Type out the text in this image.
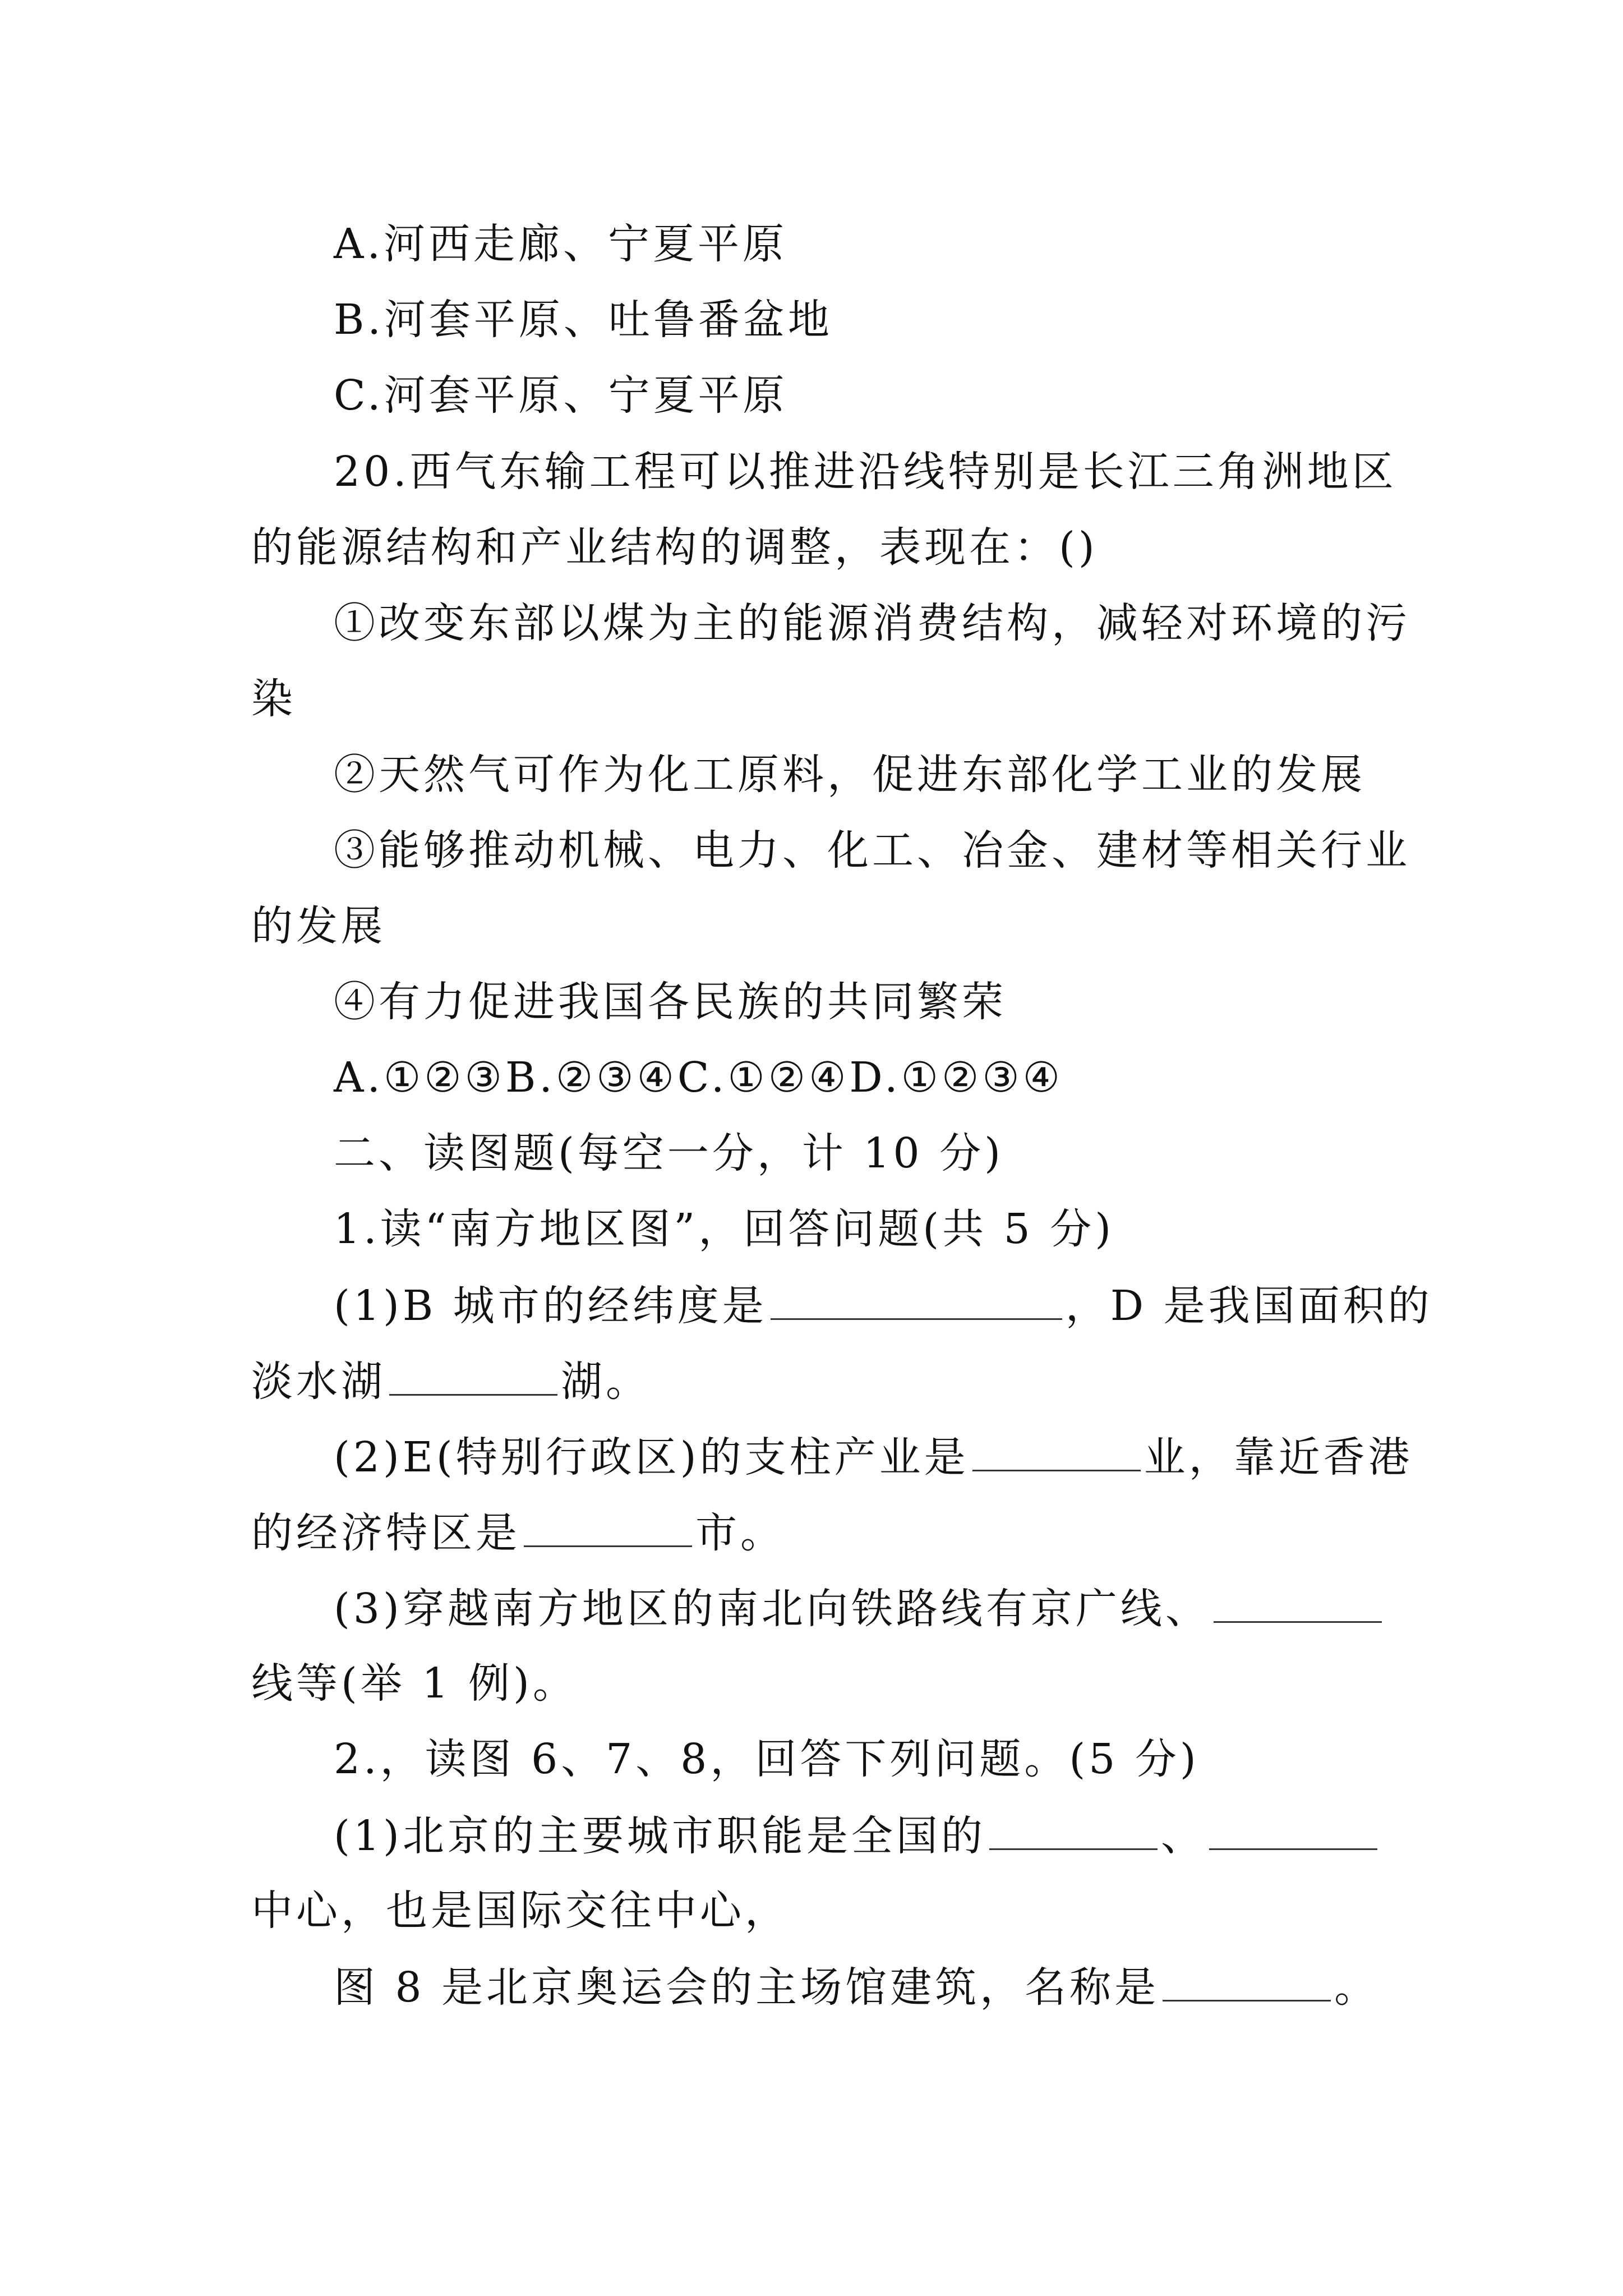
A.河西走廊、宁夏平原
B.河套平原、吐鲁番盆地
C.河套平原、宁夏平原
20.西气东输工程可以推进沿线特别是长江三角洲地区
的能源结构和产业结构的调整，表现在：()
①改变东部以煤为主的能源消费结构，减轻对环境的污
染
②天然气可作为化工原料，促进东部化学工业的发展
③能够推动机械、电力、化工、冶金、建材等相关行业
的发展
④有力促进我国各民族的共同繁荣
A.①②③B.②③④C.①②④D.①②③④
二、读图题(每空一分，计 10 分)
1.读“南方地区图”，回答问题(共 5 分)
(1)B 城市的经纬度是	，D 是我国面积的
淡水湖	湖。
(2)E(特别行政区)的支柱产业是	业，靠近香港
的经济特区是	市。
(3)穿越南方地区的南北向铁路线有京广线、
线等(举 1 例)。
2.，读图 6、7、8，回答下列问题。(5 分)
(1)北京的主要城市职能是全国的	、
中心，也是国际交往中心，
图 8 是北京奥运会的主场馆建筑，名称是	。
